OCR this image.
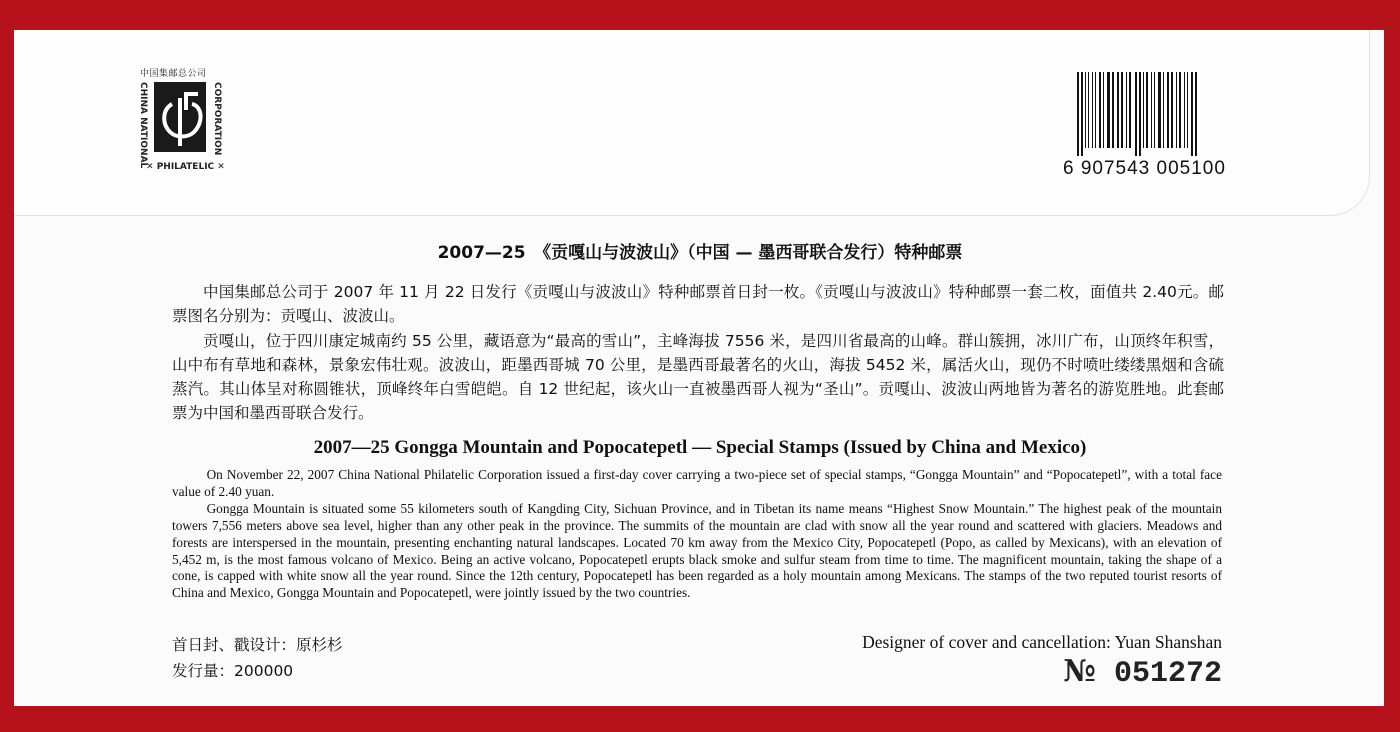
中国集邮总公司
CHINA NATIONAL	CORPORATION
✕ PHILATELIC ✕	6 907543 005100
2007—25　《贡嘎山与波波山》（中国 — 墨西哥联合发行）特种邮票

中国集邮总公司于 2007 年 11 月 22 日发行《贡嘎山与波波山》特种邮票首日封一枚。《贡嘎山与波波山》特种邮票一套二枚，面值共 2.40元。邮票图名分别为：贡嘎山、波波山。

贡嘎山，位于四川康定城南约 55 公里，藏语意为“最高的雪山”，主峰海拔 7556 米，是四川省最高的山峰。群山簇拥，冰川广布，山顶终年积雪，山中布有草地和森林，景象宏伟壮观。波波山，距墨西哥城 70 公里，是墨西哥最著名的火山，海拔 5452 米，属活火山，现仍不时喷吐缕缕黑烟和含硫蒸汽。其山体呈对称圆锥状，顶峰终年白雪皑皑。自 12 世纪起，该火山一直被墨西哥人视为“圣山”。贡嘎山、波波山两地皆为著名的游览胜地。此套邮票为中国和墨西哥联合发行。

2007—25 Gongga Mountain and Popocatepetl — Special Stamps (Issued by China and Mexico)

On November 22, 2007 China National Philatelic Corporation issued a first-day cover carrying a two-piece set of special stamps, “Gongga Mountain” and “Popocatepetl”, with a total face value of 2.40 yuan.

Gongga Mountain is situated some 55 kilometers south of Kangding City, Sichuan Province, and in Tibetan its name means “Highest Snow Mountain.” The highest peak of the mountain towers 7,556 meters above sea level, higher than any other peak in the province. The summits of the mountain are clad with snow all the year round and scattered with glaciers. Meadows and forests are interspersed in the mountain, presenting enchanting natural landscapes. Located 70 km away from the Mexico City, Popocatepetl (Popo, as called by Mexicans), with an elevation of 5,452 m, is the most famous volcano of Mexico. Being an active volcano, Popocatepetl erupts black smoke and sulfur steam from time to time. The magnificent mountain, taking the shape of a cone, is capped with white snow all the year round. Since the 12th century, Popocatepetl has been regarded as a holy mountain among Mexicans. The stamps of the two reputed tourist resorts of China and Mexico, Gongga Mountain and Popocatepetl, were jointly issued by the two countries.

首日封、戳设计：原杉杉
发行量：200000
Designer of cover and cancellation: Yuan Shanshan
№ 051272
